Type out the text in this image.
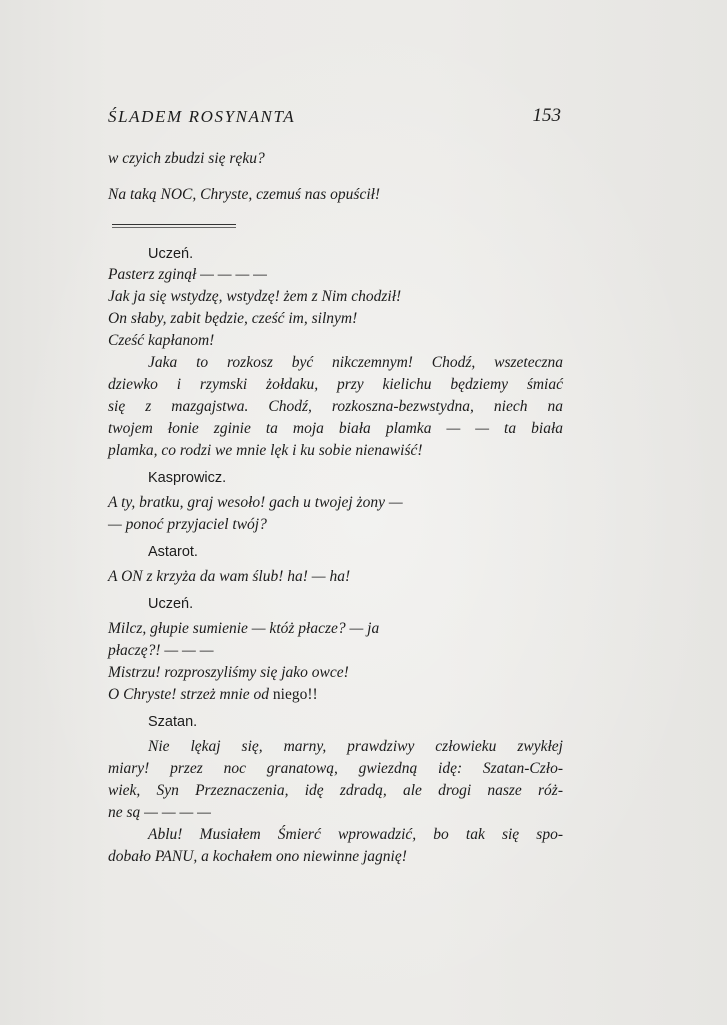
ŚLADEM ROSYNANTA	153

w czyich zbudzi się ręku?

Na taką NOC, Chryste, czemuś nas opuścił!

Uczeń.

Pasterz zginął — — — —

Jak ja się wstydzę, wstydzę! żem z Nim chodził!

On słaby, zabit będzie, cześć im, silnym!

Cześć kapłanom!

Jaka to rozkosz być nikczemnym! Chodź, wszeteczna

dziewko i rzymski żołdaku, przy kielichu będziemy śmiać

się z mazgajstwa. Chodź, rozkoszna-bezwstydna, niech na

twojem łonie zginie ta moja biała plamka — — ta biała

plamka, co rodzi we mnie lęk i ku sobie nienawiść!

Kasprowicz.

A ty, bratku, graj wesoło! gach u twojej żony —

— ponoć przyjaciel twój?

Astarot.

A ON z krzyża da wam ślub! ha! — ha!

Uczeń.

Milcz, głupie sumienie — któż płacze? — ja

płaczę?! — — —

Mistrzu! rozproszyliśmy się jako owce!

O Chryste! strzeż mnie od niego!!

Szatan.

Nie lękaj się, marny, prawdziwy człowieku zwykłej

miary! przez noc granatową, gwiezdną idę: Szatan-Czło-

wiek, Syn Przeznaczenia, idę zdradą, ale drogi nasze róż-

ne są — — — —

Ablu! Musiałem Śmierć wprowadzić, bo tak się spo-

dobało PANU, a kochałem ono niewinne jagnię!
